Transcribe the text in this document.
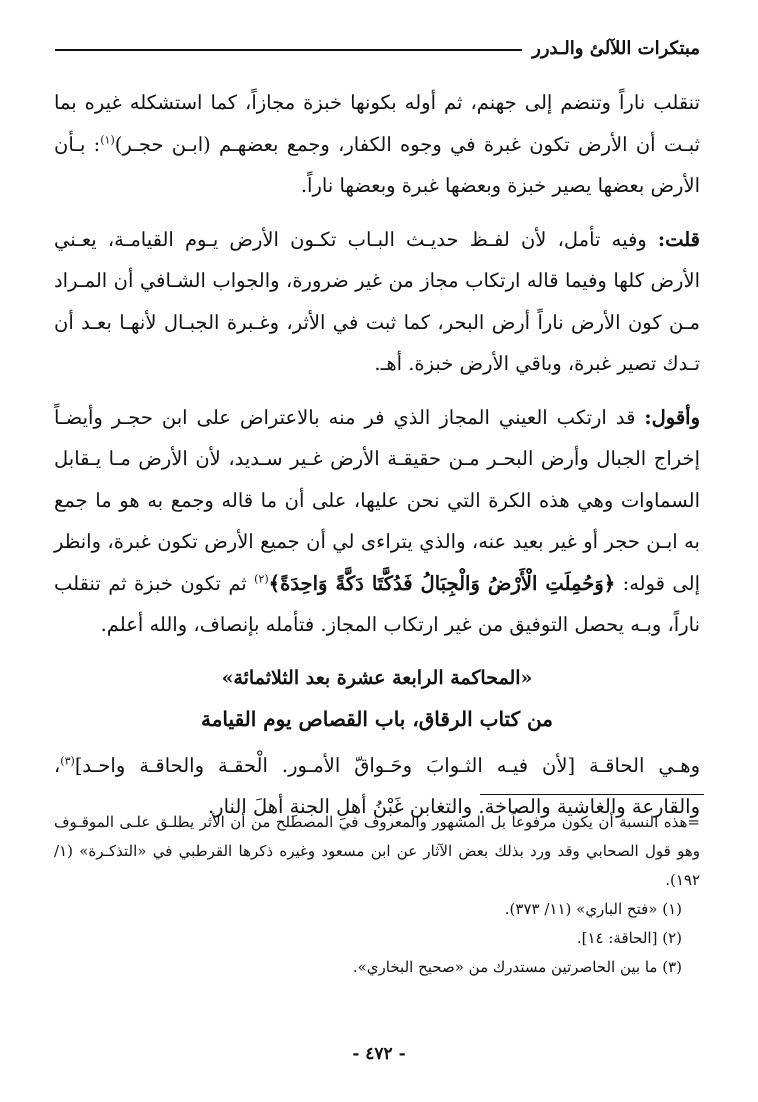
مبتكرات اللآلئ والـدرر

تنقلب ناراً وتنضم إلى جهنم، ثم أوله بكونها خبزة مجازاً، كما استشكله غيره بما ثبـت أن الأرض تكون غبرة في وجوه الكفار، وجمع بعضهـم (ابـن حجـر)$^{(١)}$: بـأن الأرض بعضها يصير خبزة وبعضها غبرة وبعضها ناراً.

قلت: وفيه تأمل، لأن لفـظ حديـث البـاب تكـون الأرض يـوم القيامـة، يعـني الأرض كلها وفيما قاله ارتكاب مجاز من غير ضرورة، والجواب الشـافي أن المـراد مـن كون الأرض ناراً أرض البحر، كما ثبت في الأثر، وغـبرة الجبـال لأنهـا بعـد أن تـدك تصير غبرة، وباقي الأرض خبزة. أهـ.

وأقول: قد ارتكب العيني المجاز الذي فر منه بالاعتراض على ابن حجـر وأيضـاً إخراج الجبال وأرض البحـر مـن حقيقـة الأرض غـير سـديد، لأن الأرض مـا يـقابل السماوات وهي هذه الكرة التي نحن عليها، على أن ما قاله وجمع به هو ما جمع به ابـن حجر أو غير بعيد عنه، والذي يتراءى لي أن جميع الأرض تكون غبرة، وانظر إلى قوله: ﴿وَحُمِلَتِ الْأَرْضُ وَالْجِبَالُ فَدُكَّتَا دَكَّةً وَاحِدَةً﴾$^{(٢)}$ ثم تكون خبزة ثم تنقلب ناراً، وبـه يحصل التوفيق من غير ارتكاب المجاز. فتأمله بإنصاف، والله أعلم.

«المحاكمة الرابعة عشرة بعد الثلاثمائة»

من كتاب الرقاق، باب القصاص يوم القيامة

وهـي الحاقـة [لأن فيـه الثـوابَ وحَـواقّ الأمـور. الْحقـة والحاقـة واحـد]$^{(٣)}$، والقارعة والغاشية والصاخة. والتغابن غَبْنُ أهلِ الجنةِ أهلَ النار.

=هذه النسبة أن يكون مرفوعاً بل المشهور والمعروف في المصطلح من أن الأثر يطلـق علـى الموقـوف وهو قول الصحابي وقد ورد بذلك بعض الآثار عن ابن مسعود وغيره ذكرها القرطبي في «التذكـرة» (١/ ١٩٢).

(١) «فتح الباري» (١١/ ٣٧٣).

(٢) [الحاقة: ١٤].

(٣) ما بين الحاصرتين مستدرك من «صحيح البخاري».

- ٤٧٢ -
